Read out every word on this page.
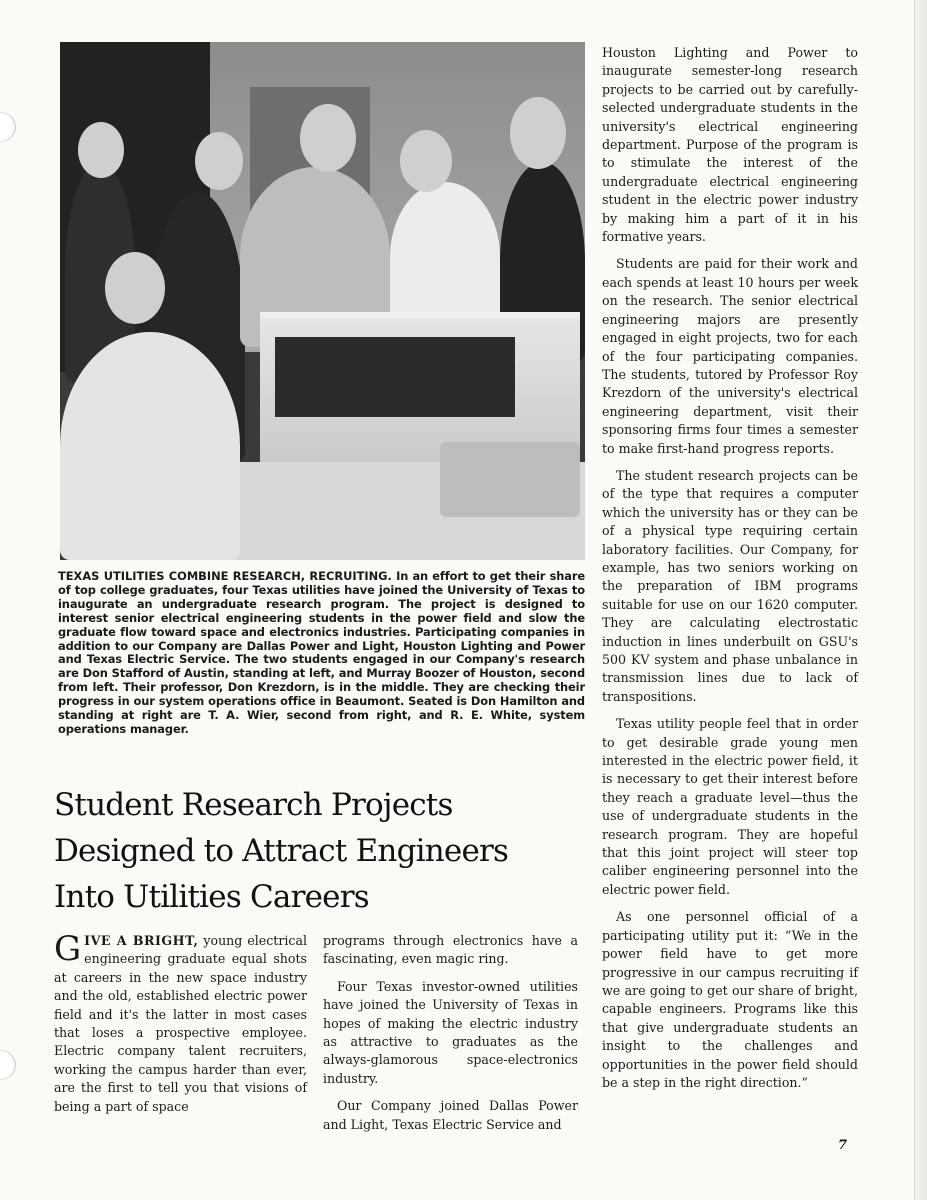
TEXAS UTILITIES COMBINE RESEARCH, RECRUITING. In an effort to get their share of top college graduates, four Texas utilities have joined the University of Texas to inaugurate an undergraduate research program. The project is designed to interest senior electrical engineering students in the power field and slow the graduate flow toward space and electronics industries. Participating companies in addition to our Company are Dallas Power and Light, Houston Lighting and Power and Texas Electric Service. The two students engaged in our Company's research are Don Stafford of Austin, standing at left, and Murray Boozer of Houston, second from left. Their professor, Don Krezdorn, is in the middle. They are checking their progress in our system operations office in Beaumont. Seated is Don Hamilton and standing at right are T. A. Wier, second from right, and R. E. White, system operations manager.
Student Research Projects
Designed to Attract Engineers
Into Utilities Careers

GIVE A BRIGHT, young electrical engineering graduate equal shots at careers in the new space industry and the old, established electric power field and it's the latter in most cases that loses a prospective employee. Electric company talent recruiters, working the campus harder than ever, are the first to tell you that visions of being a part of space

programs through electronics have a fascinating, even magic ring.

Four Texas investor-owned utilities have joined the University of Texas in hopes of making the electric industry as attractive to graduates as the always-glamorous space-electronics industry.

Our Company joined Dallas Power and Light, Texas Electric Service and

Houston Lighting and Power to inaugurate semester-long research projects to be carried out by carefully-selected undergraduate students in the university's electrical engineering department. Purpose of the program is to stimulate the interest of the undergraduate electrical engineering student in the electric power industry by making him a part of it in his formative years.

Students are paid for their work and each spends at least 10 hours per week on the research. The senior electrical engineering majors are presently engaged in eight projects, two for each of the four participating companies. The students, tutored by Professor Roy Krezdorn of the university's electrical engineering department, visit their sponsoring firms four times a semester to make first-hand progress reports.

The student research projects can be of the type that requires a computer which the university has or they can be of a physical type requiring certain laboratory facilities. Our Company, for example, has two seniors working on the preparation of IBM programs suitable for use on our 1620 computer. They are calculating electrostatic induction in lines underbuilt on GSU's 500 KV system and phase unbalance in transmission lines due to lack of transpositions.

Texas utility people feel that in order to get desirable grade young men interested in the electric power field, it is necessary to get their interest before they reach a graduate level—thus the use of undergraduate students in the research program. They are hopeful that this joint project will steer top caliber engineering personnel into the electric power field.

As one personnel official of a participating utility put it: “We in the power field have to get more progressive in our campus recruiting if we are going to get our share of bright, capable engineers. Programs like this that give undergraduate students an insight to the challenges and opportunities in the power field should be a step in the right direction.”

7
